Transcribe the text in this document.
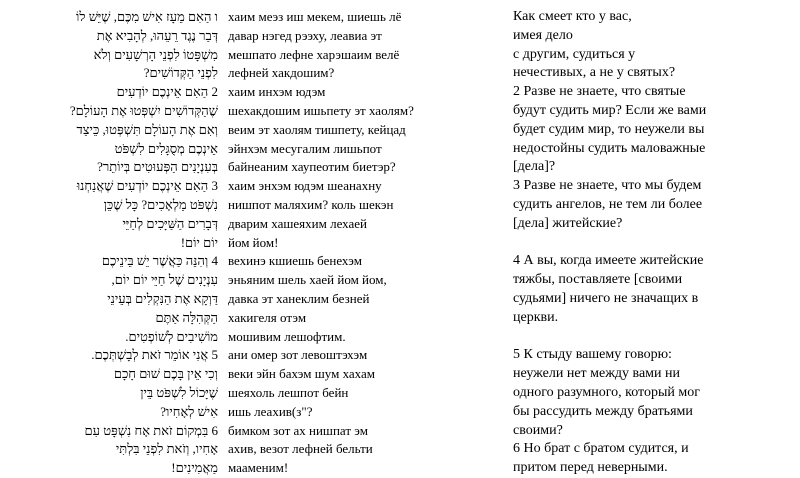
ו הַאִם מֵעָז אִישׁ מִכֶּם, שֶׁיֵּשׁ לוֹ
דְּבַר נֶגֶד רֵעֵהוּ, לְהָבִיא אֶת
מִשְׁפָּטוֹ לִפְנֵי הָרְשָׁעִים וְלֹא
לִפְנֵי הַקְּדוֹשִׁים?
2 הַאִם אֵינְכֶם יוֹדְעִים
שֶׁהַקְּדוֹשִׁים יִשְׁפְּטוּ אֶת הָעוֹלָם?
וְאִם אֶת הָעוֹלָם תִּשְׁפְּטוּ, כֵּיצַד
אֵינְכֶם מְסֻגָּלִים לִשְׁפֹּט
בְּעִנְיָנִים הַפְּעוּטִים בְּיוֹתֵר?
3 הַאִם אֵינְכֶם יוֹדְעִים שֶׁאֲנַחְנוּ
נִשְׁפֹּט מַלְאָכִים? כָּל שֶׁכֵּן
דְּבָרִים הַשַּׁיָּכִים לְחַיֵּי
יוֹם יוֹם!
4 וְהִנֵּה כַּאֲשֶׁר יֵשׁ בֵּינֵיכֶם
עִנְיָנִים שֶׁל חַיֵּי יוֹם יוֹם,
דַּוְקָא אֶת הַנִּקְלִים בְּעֵינֵי
הַקְּהִלָּה אַתֶּם
מוֹשִׁיבִים לְשׁוֹפְטִים.
5 אֲנִי אוֹמֵר זֹאת לְבָשְׁתְּכֶם.
וְכִי אֵין בָּכֶם שׁוּם חָכָם
שֶׁיָּכוֹל לִשְׁפֹּט בֵּין
אִישׁ לְאָחִיו?
6 בִּמְקוֹם זֹאת אָח נִשְׁפָּט עִם
אָחִיו, וְזֹאת לִפְנֵי בִּלְתִּי
מַאֲמִינִים!
хаим меэз иш мекем, шиешь лё
давар нэгед рээху, леавиа эт
мешпато лефне харэшаим велё
лефней хакдошим?
хаим инхэм юдэм
шехакдошим ишьпету эт хаолям?
веим эт хаолям тишпету, кейцад
эйнхэм месугалим лишьпот
байнеаним хаупеотим биетэр?
хаим энхэм юдэм шеанахну
нишпот маляхим? коль шекэн
дварим хашеяхим лехаей
йом йом!
вехинэ кшиешь бенехэм
эньяним шель хаей йом йом,
давка эт ханеклим безней
хакигеля отэм
мошивим лешофтим.
ани омер зот левоштэхэм
веки эйн бахэм шум хахам
шеяхоль лешпот бейн
ишь леахив(з"?
бимком зот ах нишпат эм
ахив, везот лефней бельти
мааменим!
Как смеет кто у вас,
имея дело
с другим, судиться у
нечестивых, а не у святых?
2 Разве не знаете, что святые
будут судить мир? Если же вами
будет судим мир, то неужели вы
недостойны судить маловажные
[дела]?
3 Разве не знаете, что мы будем
судить ангелов, не тем ли более
[дела] житейские?
4 А вы, когда имеете житейские
тяжбы, поставляете [своими
судьями] ничего не значащих в
церкви.
5 К стыду вашему говорю:
неужели нет между вами ни
одного разумного, который мог
бы рассудить между братьями
своими?
6 Но брат с братом судится, и
притом перед неверными.
